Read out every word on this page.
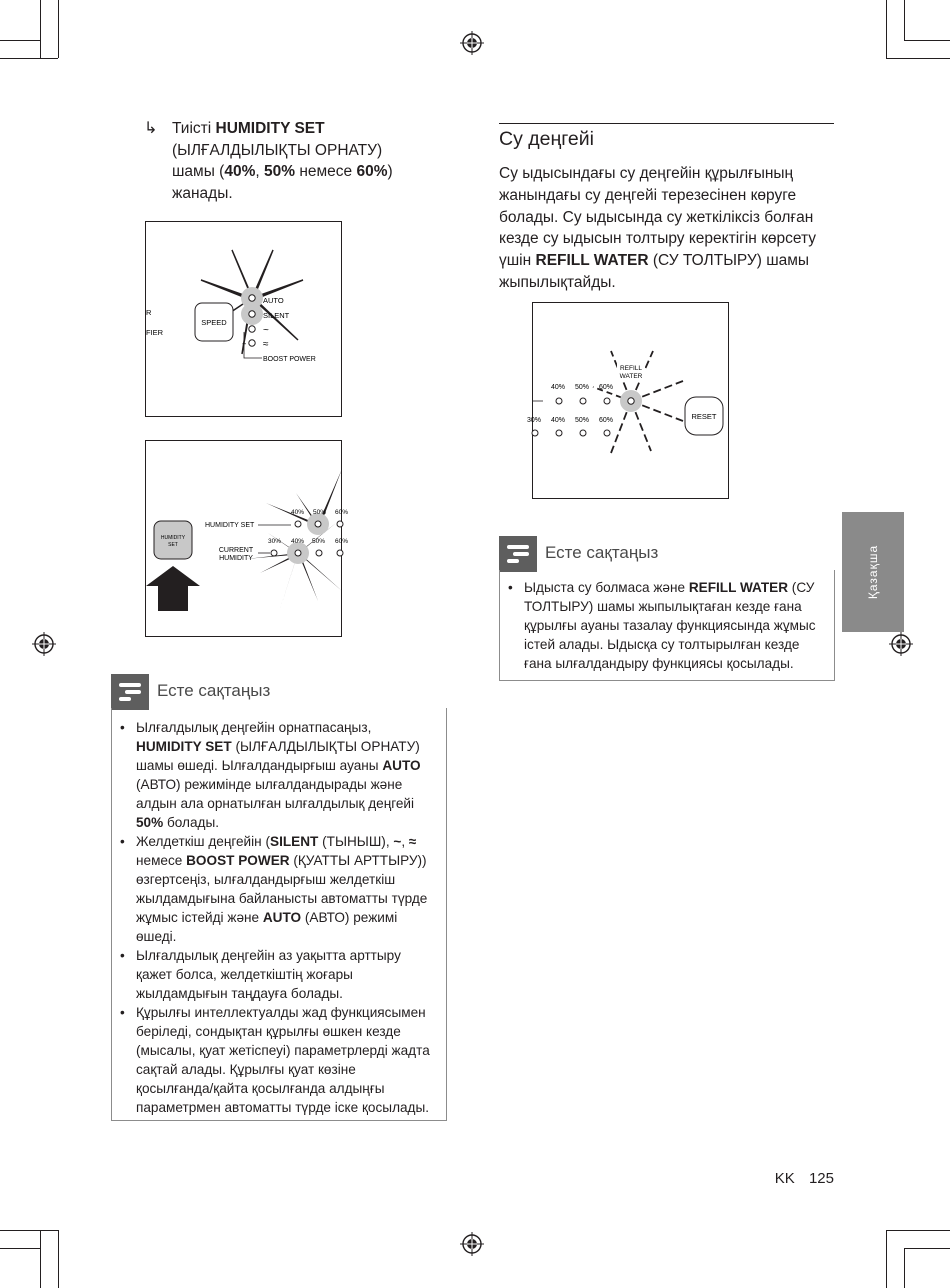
↳ Тиісті HUMIDITY SET (ЫЛҒАЛДЫЛЫҚТЫ ОРНАТУ) шамы (40%, 50% немесе 60%) жанады.
SPEED
R
FIER
AUTO
SILENT
~
≈
+
BOOST POWER
40% 50% 60%
30% 40% 50% 60%
HUMIDITY SET
CURRENT
HUMIDITY
HUMIDITY
SET
Есте сақтаңыз
• Ылғалдылық деңгейін орнатпасаңыз, HUMIDITY SET (ЫЛҒАЛДЫЛЫҚТЫ ОРНАТУ) шамы өшеді. Ылғалдандырғыш ауаны AUTO (АВТО) режимінде ылғалдандырады және алдын ала орнатылған ылғалдылық деңгейі 50% болады.
• Желдеткіш деңгейін (SILENT (ТЫНЫШ), ~, ≈ немесе BOOST POWER (ҚУАТТЫ АРТТЫРУ)) өзгертсеңіз, ылғалдандырғыш желдеткіш жылдамдығына байланысты автоматты түрде жұмыс істейді және AUTO (АВТО) режимі өшеді.
• Ылғалдылық деңгейін аз уақытта арттыру қажет болса, желдеткіштің жоғары жылдамдығын таңдауға болады.
• Құрылғы интеллектуалды жад функциясымен беріледі, сондықтан құрылғы өшкен кезде (мысалы, қуат жетіспеуі) параметрлерді жадта сақтай алады. Құрылғы қуат көзіне қосылғанда/қайта қосылғанда алдыңғы параметрмен автоматты түрде іске қосылады.
Су деңгейі
Су ыдысындағы су деңгейін құрылғының жанындағы су деңгейі терезесінен көруге болады. Су ыдысында су жеткіліксіз болған кезде су ыдысын толтыру керектігін көрсету үшін REFILL WATER (СУ ТОЛТЫРУ) шамы жыпылықтайды.
40% 50% 60%
30% 40% 50% 60%
REFILL
WATER
RESET
Есте сақтаңыз
• Ыдыста су болмаса және REFILL WATER (СУ ТОЛТЫРУ) шамы жыпылықтаған кезде ғана құрылғы ауаны тазалау функциясында жұмыс істей алады. Ыдысқа су толтырылған кезде ғана ылғалдандыру функциясы қосылады.
Қазақша
KK 125
